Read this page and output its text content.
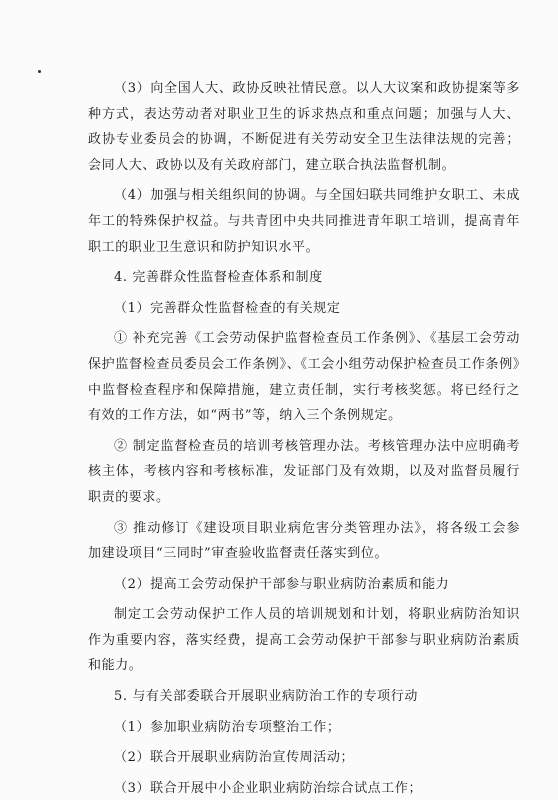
（3）向全国人大、政协反映社情民意。以人大议案和政协提案等多种方式，表达劳动者对职业卫生的诉求热点和重点问题；加强与人大、政协专业委员会的协调，不断促进有关劳动安全卫生法律法规的完善；会同人大、政协以及有关政府部门，建立联合执法监督机制。

（4）加强与相关组织间的协调。与全国妇联共同维护女职工、未成年工的特殊保护权益。与共青团中央共同推进青年职工培训，提高青年职工的职业卫生意识和防护知识水平。

4. 完善群众性监督检查体系和制度

（1）完善群众性监督检查的有关规定

① 补充完善《工会劳动保护监督检查员工作条例》、《基层工会劳动保护监督检查员委员会工作条例》、《工会小组劳动保护检查员工作条例》中监督检查程序和保障措施，建立责任制，实行考核奖惩。将已经行之有效的工作方法，如“两书”等，纳入三个条例规定。

② 制定监督检查员的培训考核管理办法。考核管理办法中应明确考核主体，考核内容和考核标准，发证部门及有效期，以及对监督员履行职责的要求。

③ 推动修订《建设项目职业病危害分类管理办法》，将各级工会参加建设项目“三同时”审查验收监督责任落实到位。

（2）提高工会劳动保护干部参与职业病防治素质和能力

制定工会劳动保护工作人员的培训规划和计划，将职业病防治知识作为重要内容，落实经费，提高工会劳动保护干部参与职业病防治素质和能力。

5. 与有关部委联合开展职业病防治工作的专项行动

（1）参加职业病防治专项整治工作；

（2）联合开展职业病防治宣传周活动；

（3）联合开展中小企业职业病防治综合试点工作；
